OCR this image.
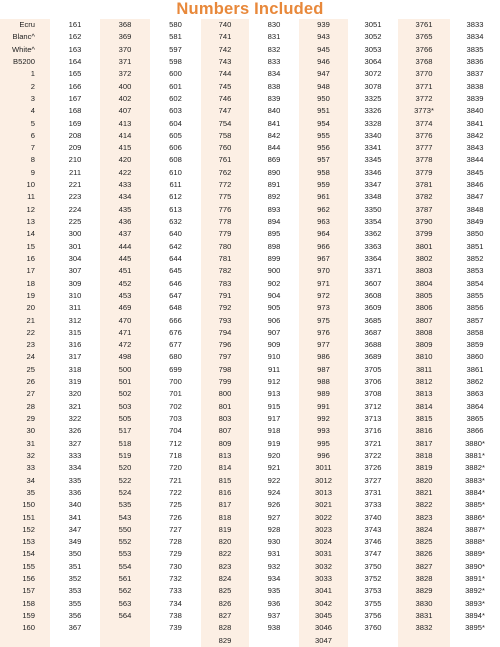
Numbers Included
Ecru
Blanc^
White^
B5200
1
2
3
4
5
6
7
8
9
10
11
12
13
14
15
16
17
18
19
20
21
22
23
24
25
26
27
28
29
30
31
32
33
34
35
150
151
152
153
154
155
156
157
158
159
160
161
162
163
164
165
166
167
168
169
208
209
210
211
221
223
224
225
300
301
304
307
309
310
311
312
315
316
317
318
319
320
321
322
326
327
333
334
335
336
340
341
347
349
350
351
352
353
355
356
367
368
369
370
371
372
400
402
407
413
414
415
420
422
433
434
435
436
437
444
445
451
452
453
469
470
471
472
498
500
501
502
503
505
517
518
519
520
522
524
535
543
550
552
553
554
561
562
563
564
580
581
597
598
600
601
602
603
604
605
606
608
610
611
612
613
632
640
642
644
645
646
647
648
666
676
677
680
699
700
701
702
703
704
712
718
720
721
722
725
726
727
728
729
730
732
733
734
738
739
740
741
742
743
744
745
746
747
754
758
760
761
762
772
775
776
778
779
780
781
782
783
791
792
793
794
796
797
798
799
800
801
803
807
809
813
814
815
816
817
818
819
820
822
823
824
825
826
827
828
829
830
831
832
833
834
838
839
840
841
842
844
869
890
891
892
893
894
895
898
899
900
902
904
905
906
907
909
910
911
912
913
915
917
918
919
920
921
922
924
926
927
928
930
931
932
934
935
936
937
938
939
943
945
946
947
948
950
951
954
955
956
957
958
959
961
962
963
964
966
967
970
971
972
973
975
976
977
986
987
988
989
991
992
993
995
996
3011
3012
3013
3021
3022
3023
3024
3031
3032
3033
3041
3042
3045
3046
3047
3051
3052
3053
3064
3072
3078
3325
3326
3328
3340
3341
3345
3346
3347
3348
3350
3354
3362
3363
3364
3371
3607
3608
3609
3685
3687
3688
3689
3705
3706
3708
3712
3713
3716
3721
3722
3726
3727
3731
3733
3740
3743
3746
3747
3750
3752
3753
3755
3756
3760
3761
3765
3766
3768
3770
3771
3772
3773*
3774
3776
3777
3778
3779
3781
3782
3787
3790
3799
3801
3802
3803
3804
3805
3806
3807
3808
3809
3810
3811
3812
3813
3814
3815
3816
3817
3818
3819
3820
3821
3822
3823
3824
3825
3826
3827
3828
3829
3830
3831
3832
3833
3834
3835
3836
3837
3838
3839
3840
3841
3842
3843
3844
3845
3846
3847
3848
3849
3850
3851
3852
3853
3854
3855
3856
3857
3858
3859
3860
3861
3862
3863
3864
3865
3866
3880*
3881*
3882*
3883*
3884*
3885*
3886*
3887*
3888*
3889*
3890*
3891*
3892*
3893*
3894*
3895*
